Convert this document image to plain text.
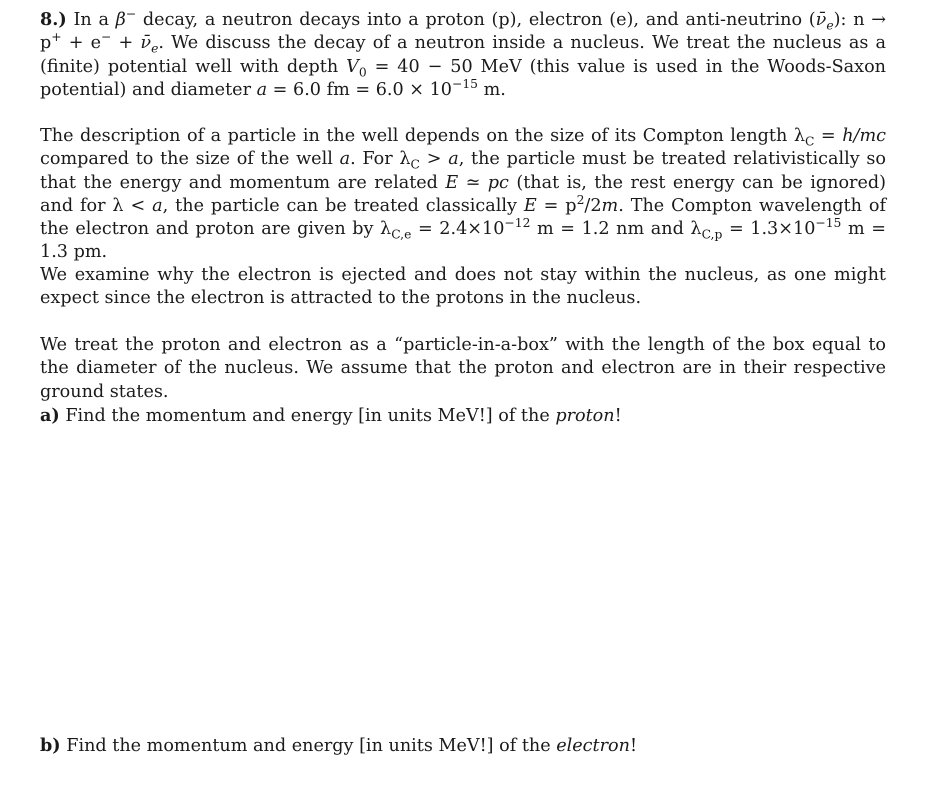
8.) In a β− decay, a neutron decays into a proton (p), electron (e), and anti-neutrino $(\nū_e)$: $n \to p^+ + e^- + \nū_e$. We discuss the decay of a neutron inside a nucleus. We treat the nucleus as a (finite) potential well with depth $V_0 = 40 - 50$ MeV (this value is used in the Woods-Saxon potential) and diameter a = 6.0 fm = $6.0 \times 10^{-15}$ m.

The description of a particle in the well depends on the size of its Compton length $\lambda_C = h/mc$ compared to the size of the well a. For $\lambda_C > a$, the particle must be treated relativistically so that the energy and momentum are related E ≃ pc (that is, the rest energy can be ignored) and for λ < a, the particle can be treated classically $E = p^2/2m$. The Compton wavelength of the electron and proton are given by $\lambda_{C,e} = 2.4\times 10^{-12}$ m = 1.2 nm and $\lambda_{C,p} = 1.3\times 10^{-15}$ m = 1.3 pm.

We examine why the electron is ejected and does not stay within the nucleus, as one might expect since the electron is attracted to the protons in the nucleus.

We treat the proton and electron as a “particle-in-a-box” with the length of the box equal to the diameter of the nucleus. We assume that the proton and electron are in their respective ground states.

a) Find the momentum and energy [in units MeV!] of the proton!

b) Find the momentum and energy [in units MeV!] of the electron!
